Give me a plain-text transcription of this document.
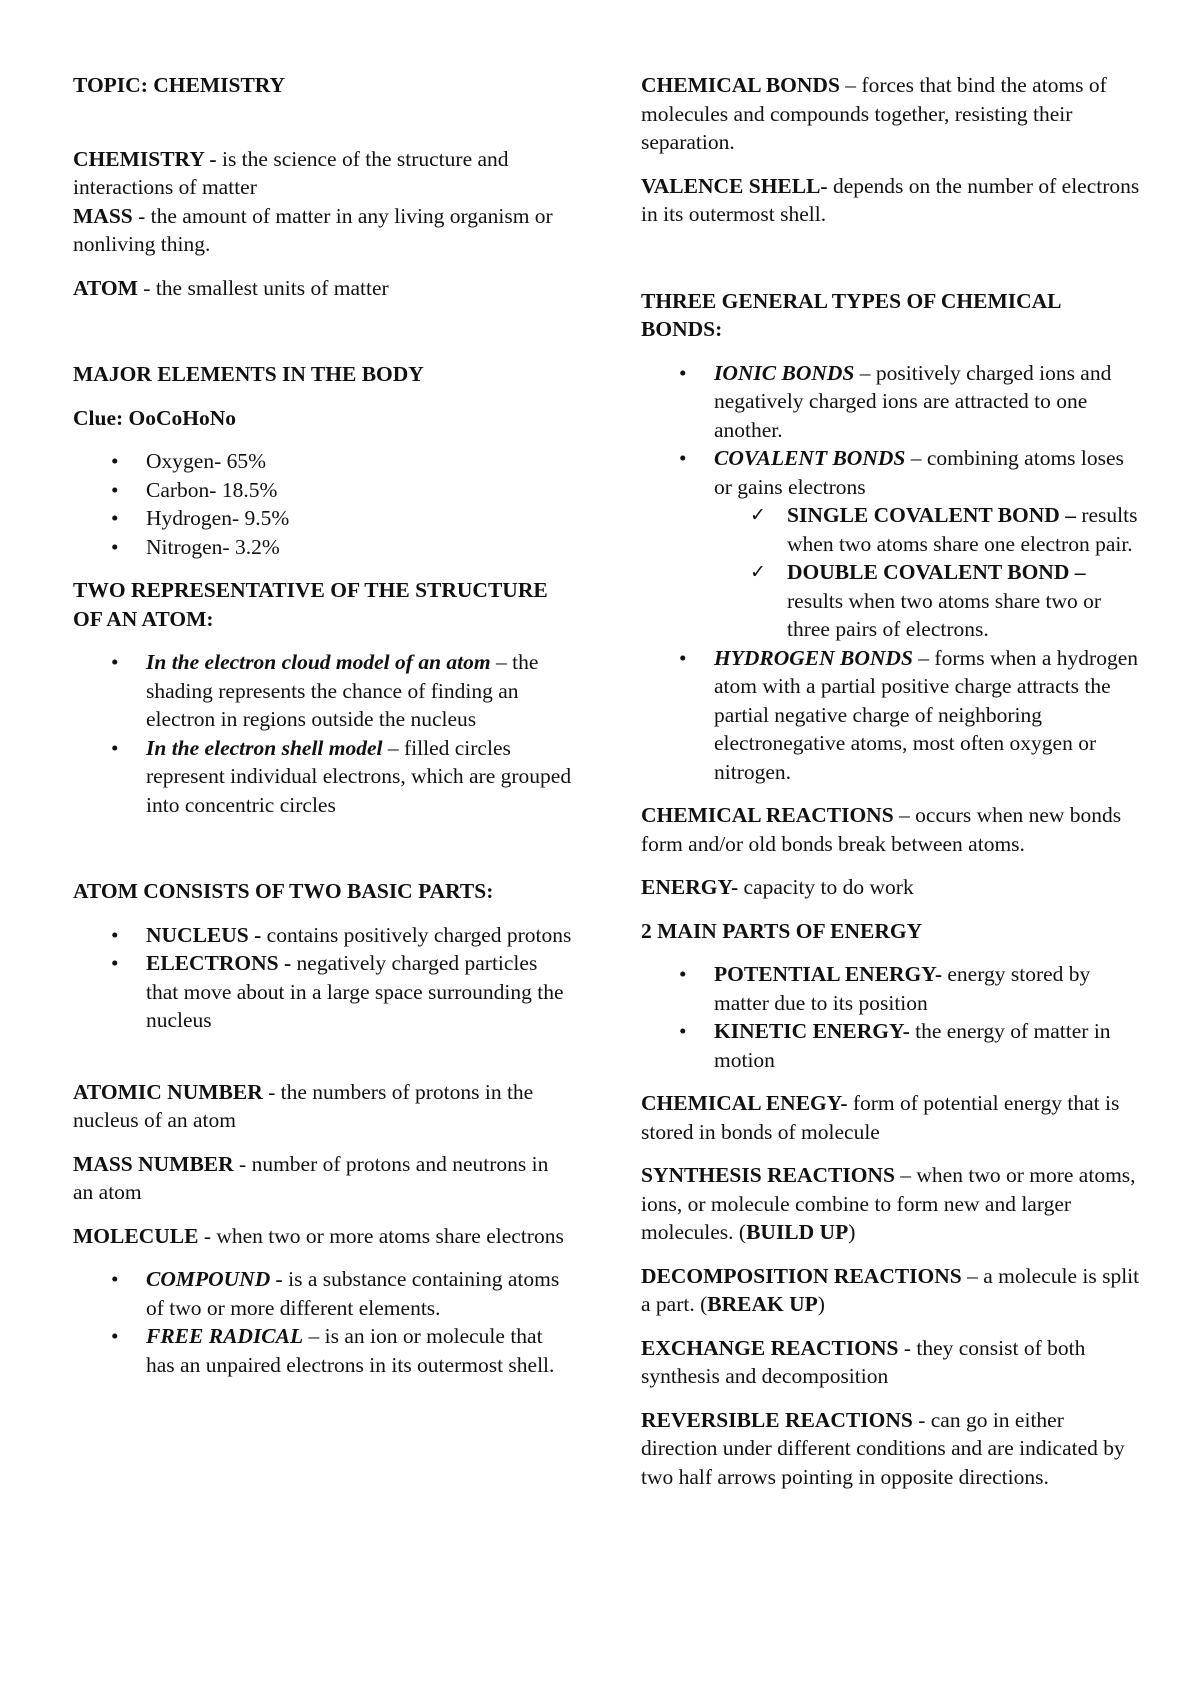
TOPIC: CHEMISTRY

CHEMISTRY - is the science of the structure and interactions of matter

MASS - the amount of matter in any living organism or nonliving thing.

ATOM - the smallest units of matter

MAJOR ELEMENTS IN THE BODY

Clue: OoCoHoNo

• Oxygen- 65%
• Carbon- 18.5%
• Hydrogen- 9.5%
• Nitrogen- 3.2%

TWO REPRESENTATIVE OF THE STRUCTURE OF AN ATOM:

• In the electron cloud model of an atom – the shading represents the chance of finding an electron in regions outside the nucleus
• In the electron shell model – filled circles represent individual electrons, which are grouped into concentric circles

ATOM CONSISTS OF TWO BASIC PARTS:

• NUCLEUS - contains positively charged protons
• ELECTRONS - negatively charged particles that move about in a large space surrounding the nucleus

ATOMIC NUMBER - the numbers of protons in the nucleus of an atom

MASS NUMBER - number of protons and neutrons in an atom

MOLECULE - when two or more atoms share electrons

• COMPOUND - is a substance containing atoms of two or more different elements.
• FREE RADICAL – is an ion or molecule that has an unpaired electrons in its outermost shell.

CHEMICAL BONDS – forces that bind the atoms of molecules and compounds together, resisting their separation.

VALENCE SHELL- depends on the number of electrons in its outermost shell.

THREE GENERAL TYPES OF CHEMICAL BONDS:

• IONIC BONDS – positively charged ions and negatively charged ions are attracted to one another.
• COVALENT BONDS – combining atoms loses or gains electrons
✓ SINGLE COVALENT BOND – results when two atoms share one electron pair.
✓ DOUBLE COVALENT BOND – results when two atoms share two or three pairs of electrons.
• HYDROGEN BONDS – forms when a hydrogen atom with a partial positive charge attracts the partial negative charge of neighboring electronegative atoms, most often oxygen or nitrogen.

CHEMICAL REACTIONS – occurs when new bonds form and/or old bonds break between atoms.

ENERGY- capacity to do work

2 MAIN PARTS OF ENERGY

• POTENTIAL ENERGY- energy stored by matter due to its position
• KINETIC ENERGY- the energy of matter in motion

CHEMICAL ENEGY- form of potential energy that is stored in bonds of molecule

SYNTHESIS REACTIONS – when two or more atoms, ions, or molecule combine to form new and larger molecules. (BUILD UP)

DECOMPOSITION REACTIONS – a molecule is split a part. (BREAK UP)

EXCHANGE REACTIONS - they consist of both synthesis and decomposition

REVERSIBLE REACTIONS - can go in either direction under different conditions and are indicated by two half arrows pointing in opposite directions.
